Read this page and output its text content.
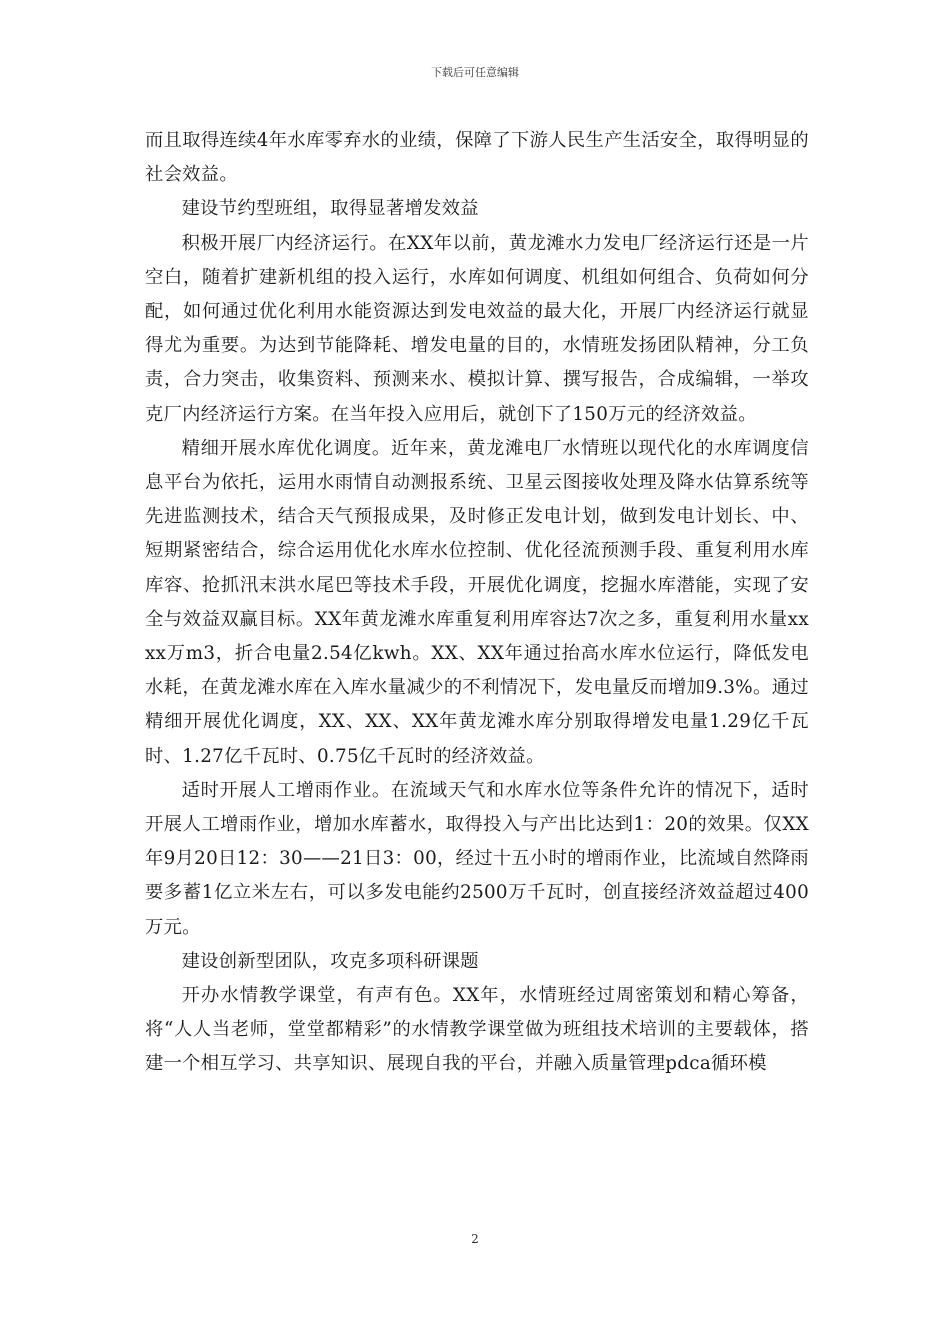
下载后可任意编辑

而且取得连续4年水库零弃水的业绩，保障了下游人民生产生活安全，取得明显的社会效益。

建设节约型班组，取得显著增发效益

积极开展厂内经济运行。在XX年以前，黄龙滩水力发电厂经济运行还是一片空白，随着扩建新机组的投入运行，水库如何调度、机组如何组合、负荷如何分配，如何通过优化利用水能资源达到发电效益的最大化，开展厂内经济运行就显得尤为重要。为达到节能降耗、增发电量的目的，水情班发扬团队精神，分工负责，合力突击，收集资料、预测来水、模拟计算、撰写报告，合成编辑，一举攻克厂内经济运行方案。在当年投入应用后，就创下了150万元的经济效益。

精细开展水库优化调度。近年来，黄龙滩电厂水情班以现代化的水库调度信息平台为依托，运用水雨情自动测报系统、卫星云图接收处理及降水估算系统等先进监测技术，结合天气预报成果，及时修正发电计划，做到发电计划长、中、短期紧密结合，综合运用优化水库水位控制、优化径流预测手段、重复利用水库库容、抢抓汛末洪水尾巴等技术手段，开展优化调度，挖掘水库潜能，实现了安全与效益双赢目标。XX年黄龙滩水库重复利用库容达7次之多，重复利用水量xxxx万m3，折合电量2.54亿kwh。XX、XX年通过抬高水库水位运行，降低发电水耗，在黄龙滩水库在入库水量减少的不利情况下，发电量反而增加9.3%。通过精细开展优化调度，XX、XX、XX年黄龙滩水库分别取得增发电量1.29亿千瓦时、1.27亿千瓦时、0.75亿千瓦时的经济效益。

适时开展人工增雨作业。在流域天气和水库水位等条件允许的情况下，适时开展人工增雨作业，增加水库蓄水，取得投入与产出比达到1：20的效果。仅XX年9月20日12：30——21日3：00，经过十五小时的增雨作业，比流域自然降雨要多蓄1亿立米左右，可以多发电能约2500万千瓦时，创直接经济效益超过400万元。

建设创新型团队，攻克多项科研课题

开办水情教学课堂，有声有色。XX年，水情班经过周密策划和精心筹备，将“人人当老师，堂堂都精彩”的水情教学课堂做为班组技术培训的主要载体，搭建一个相互学习、共享知识、展现自我的平台，并融入质量管理pdca循环模

2
